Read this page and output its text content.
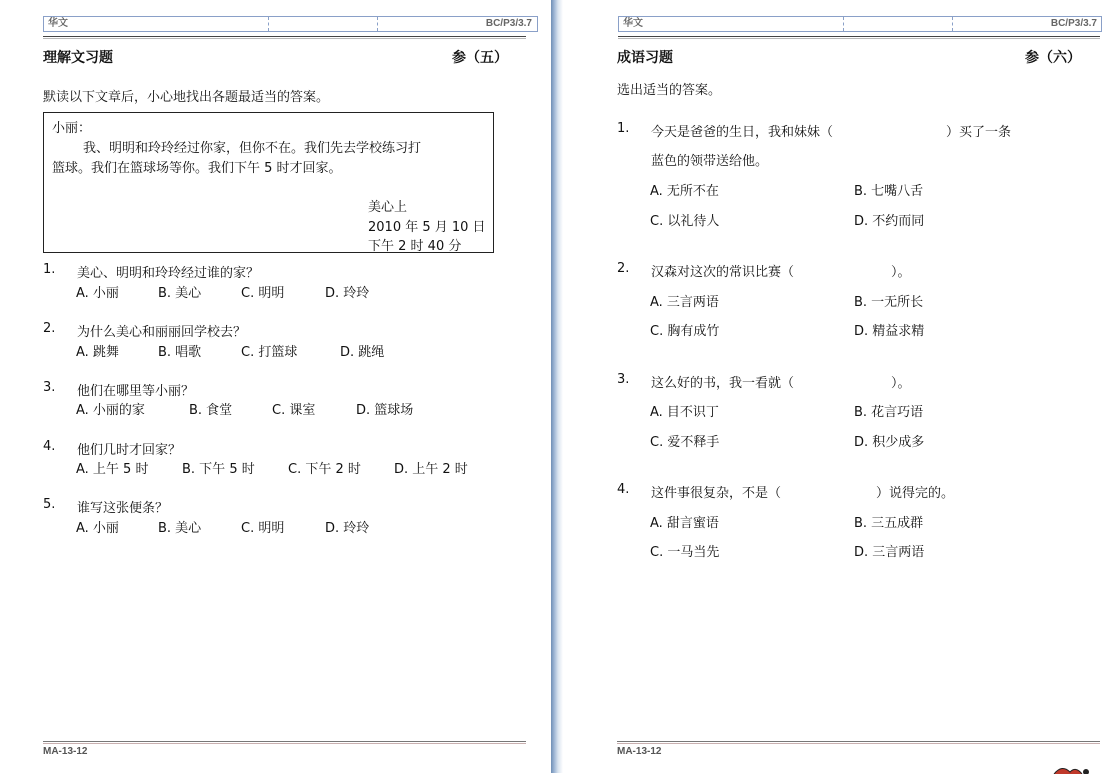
华文	BC/P3/3.7
理解文习题	参（五）
默读以下文章后，小心地找出各题最适当的答案。
小丽：
我、明明和玲玲经过你家，但你不在。我们先去学校练习打
篮球。我们在篮球场等你。我们下午 5 时才回家。
美心上
2010 年 5 月 10 日
下午 2 时 40 分
1. 美心、明明和玲玲经过谁的家？
A. 小丽	B. 美心	C. 明明	D. 玲玲
2. 为什么美心和丽丽回学校去？
A. 跳舞	B. 唱歌	C. 打篮球	D. 跳绳
3. 他们在哪里等小丽？
A. 小丽的家	B. 食堂	C. 课室	D. 篮球场
4. 他们几时才回家？
A. 上午 5 时	B. 下午 5 时	C. 下午 2 时	D. 上午 2 时
5. 谁写这张便条？
A. 小丽	B. 美心	C. 明明	D. 玲玲
MA-13-12
华文	BC/P3/3.7
成语习题	参（六）
选出适当的答案。
1. 今天是爸爸的生日，我和妹妹（	）买了一条
蓝色的领带送给他。
A. 无所不在	B. 七嘴八舌
C. 以礼待人	D. 不约而同
2. 汉森对这次的常识比赛（	）。
A. 三言两语	B. 一无所长
C. 胸有成竹	D. 精益求精
3. 这么好的书，我一看就（	）。
A. 目不识丁	B. 花言巧语
C. 爱不释手	D. 积少成多
4. 这件事很复杂，不是（	）说得完的。
A. 甜言蜜语	B. 三五成群
C. 一马当先	D. 三言两语
MA-13-12
